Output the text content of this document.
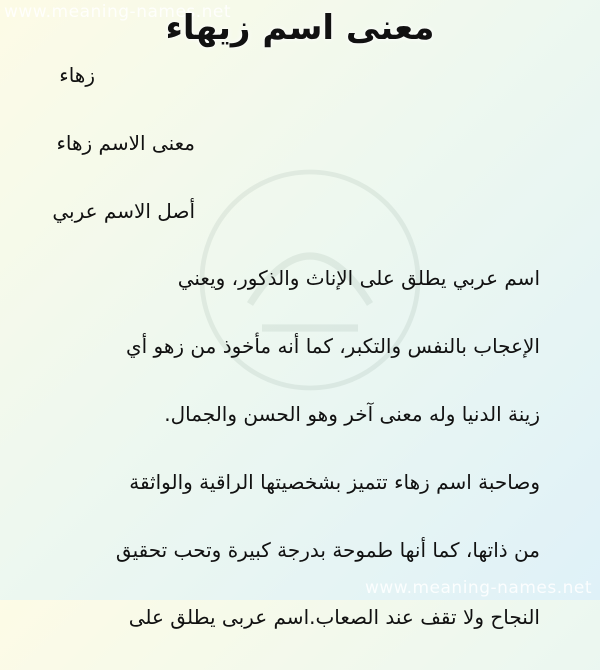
www.meaning-names.net
معنى اسم زيهاء
زهاء
معنى الاسم زهاء
أصل الاسم عربي
اسم عربي يطلق على الإناث والذكور، ويعني
الإعجاب بالنفس والتكبر، كما أنه مأخوذ من زهو أي
زينة الدنيا وله معنى آخر وهو الحسن والجمال.
وصاحبة اسم زهاء تتميز بشخصيتها الراقية والواثقة
من ذاتها، كما أنها طموحة بدرجة كبيرة وتحب تحقيق
النجاح ولا تقف عند الصعاب.اسم عربى يطلق على
www.meaning-names.net
